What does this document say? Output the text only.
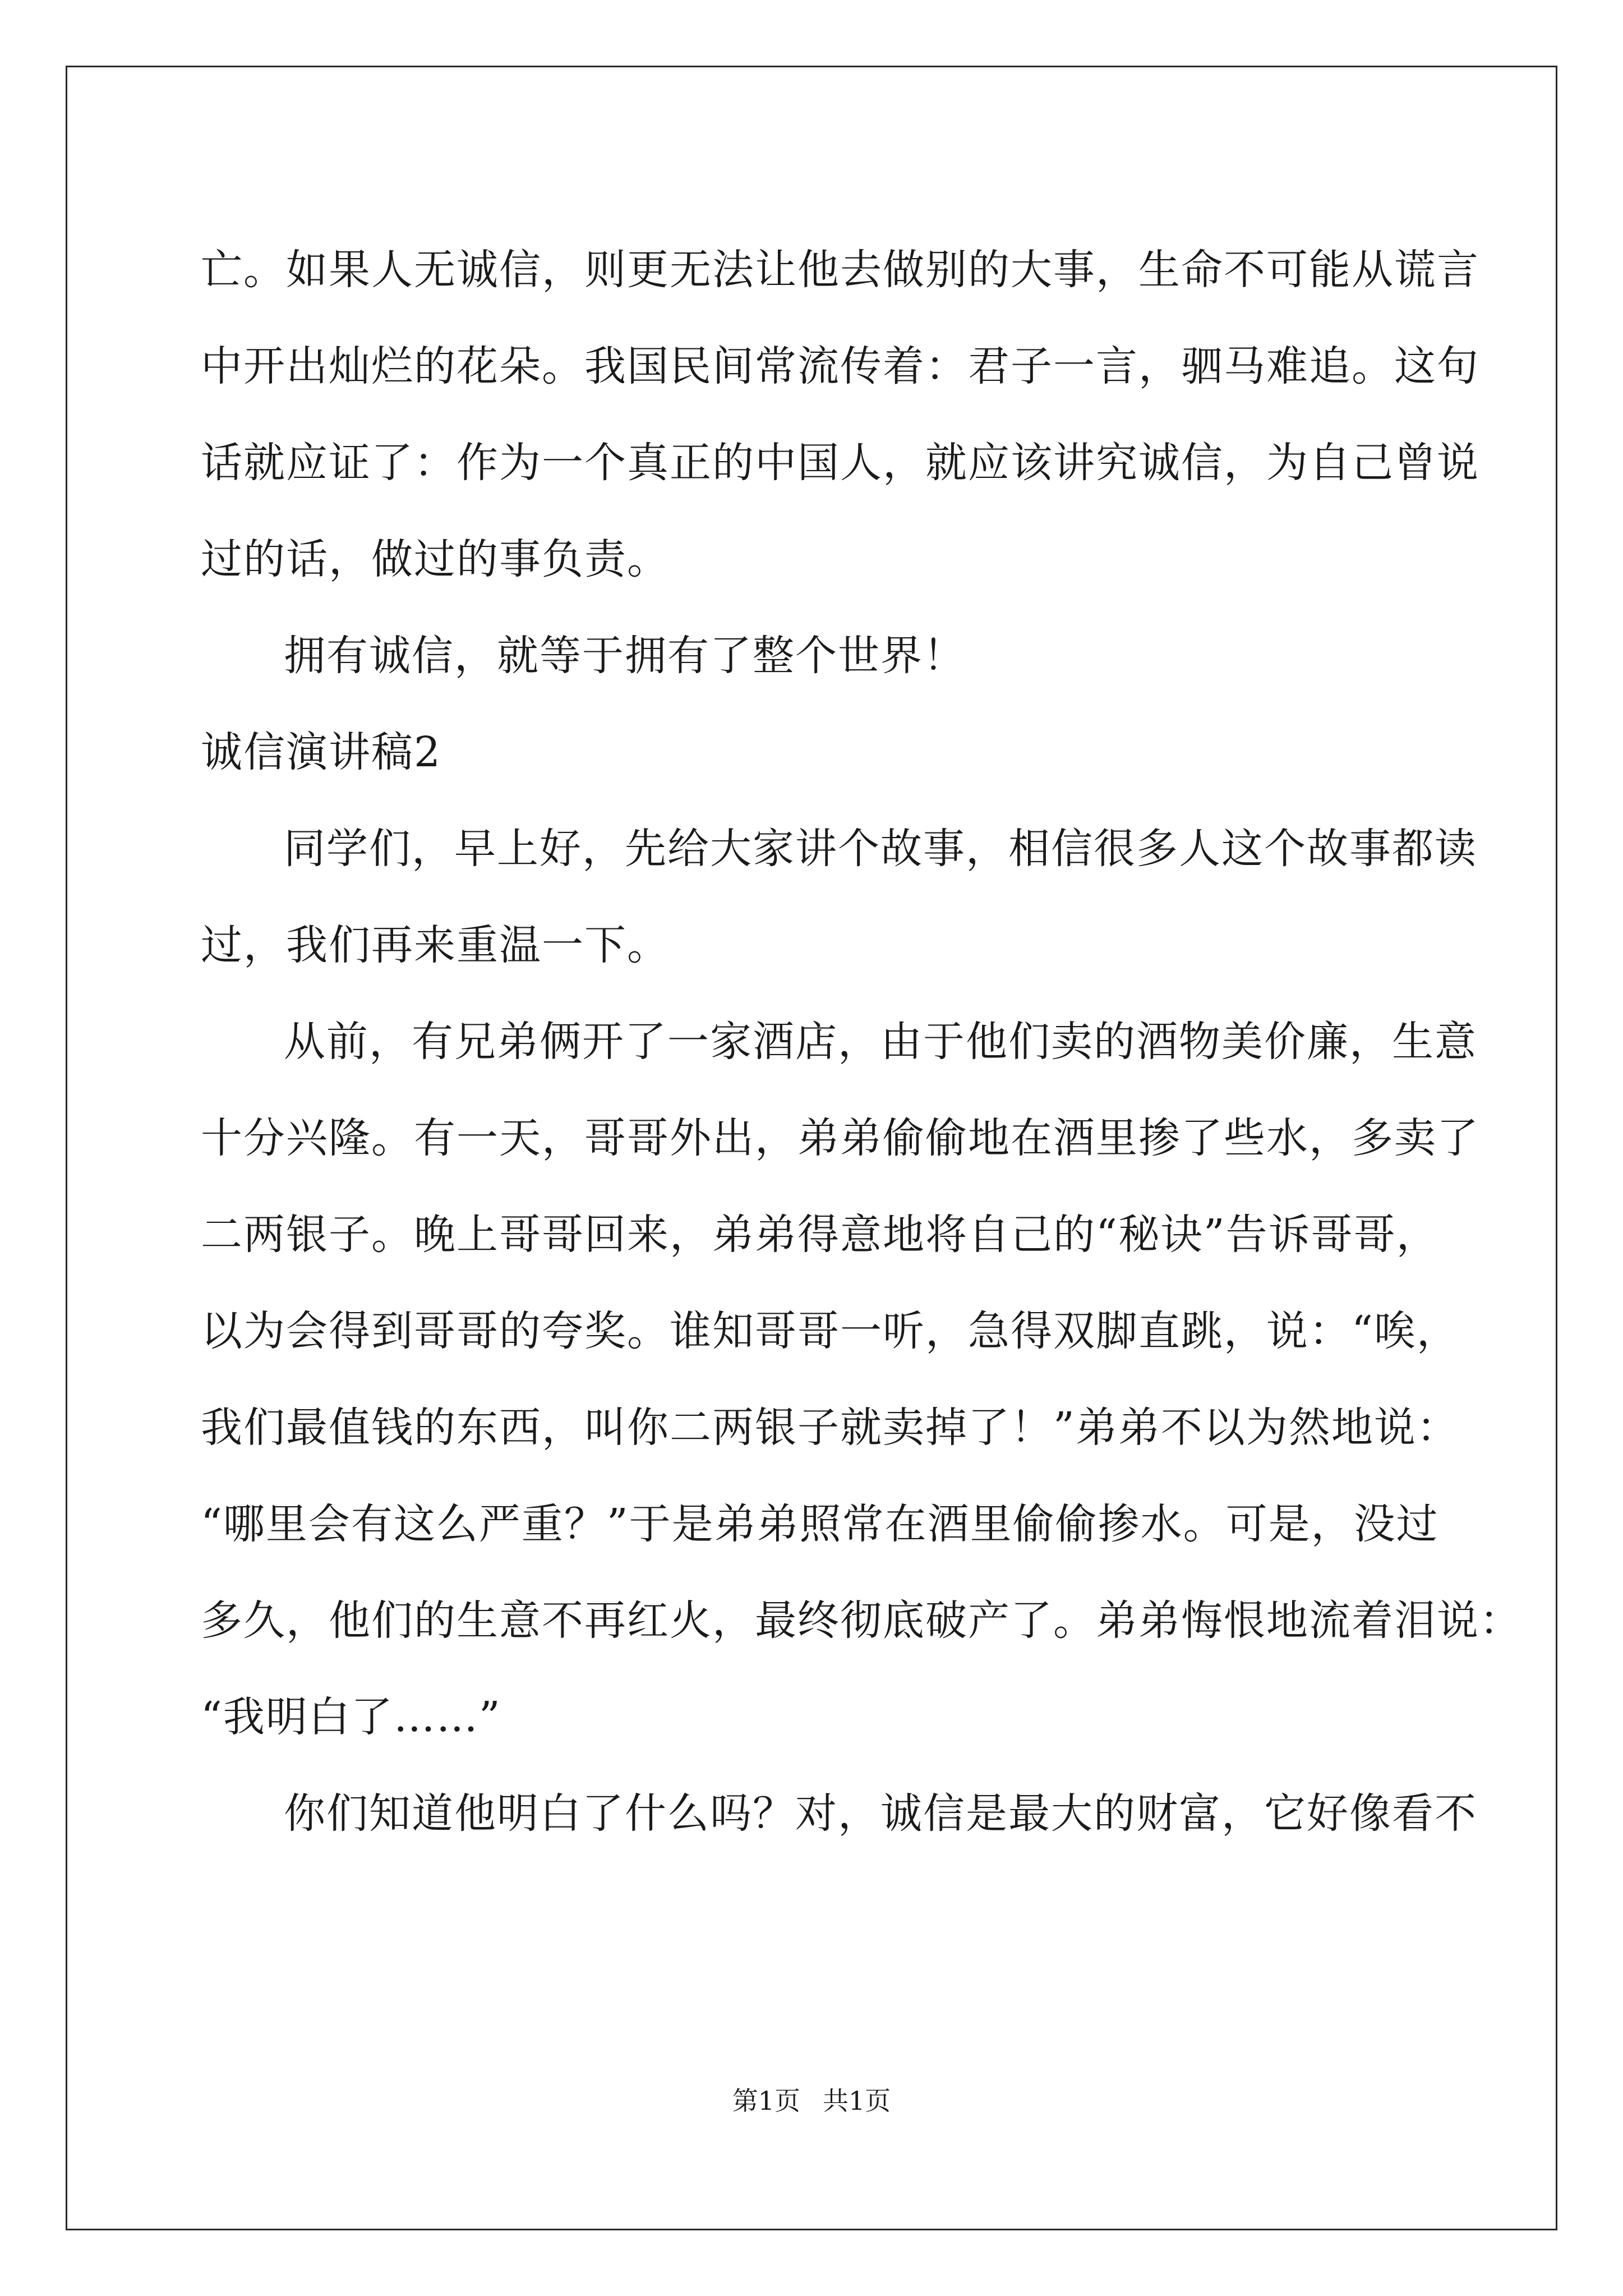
亡。如果人无诚信，则更无法让他去做别的大事，生命不可能从谎言
中开出灿烂的花朵。我国民间常流传着：君子一言，驷马难追。这句
话就应证了：作为一个真正的中国人，就应该讲究诚信，为自己曾说
过的话，做过的事负责。
拥有诚信，就等于拥有了整个世界！
诚信演讲稿2
同学们，早上好，先给大家讲个故事，相信很多人这个故事都读
过，我们再来重温一下。
从前，有兄弟俩开了一家酒店，由于他们卖的酒物美价廉，生意
十分兴隆。有一天，哥哥外出，弟弟偷偷地在酒里掺了些水，多卖了
二两银子。晚上哥哥回来，弟弟得意地将自己的“秘诀”告诉哥哥，
以为会得到哥哥的夸奖。谁知哥哥一听，急得双脚直跳，说：“唉，
我们最值钱的东西，叫你二两银子就卖掉了！”弟弟不以为然地说：
“哪里会有这么严重？”于是弟弟照常在酒里偷偷掺水。可是，没过
多久，他们的生意不再红火，最终彻底破产了。弟弟悔恨地流着泪说：
“我明白了……”
你们知道他明白了什么吗？对，诚信是最大的财富，它好像看不
第1页 共1页
